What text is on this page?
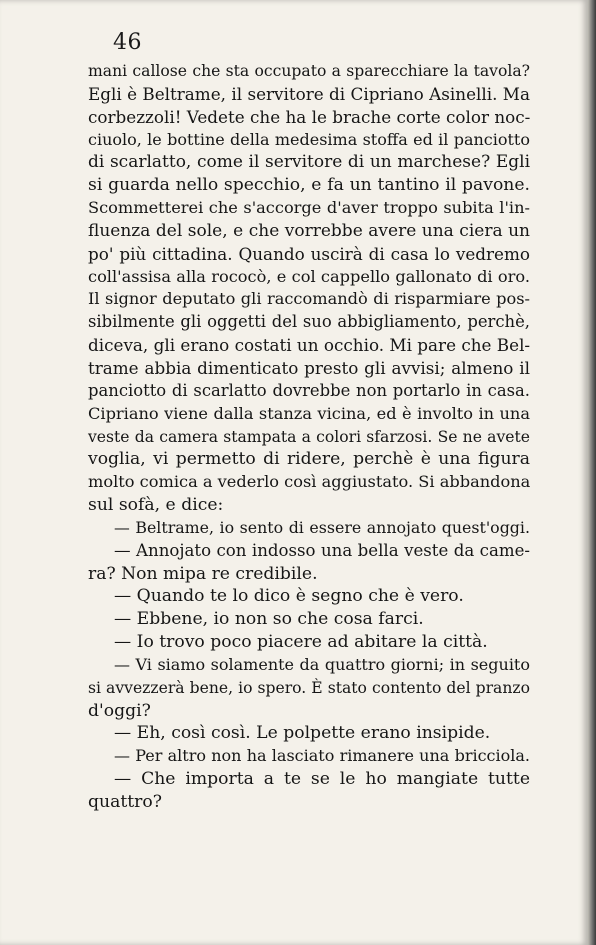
46
mani callose che sta occupato a sparecchiare la tavola?
Egli è Beltrame, il servitore di Cipriano Asinelli. Ma
corbezzoli! Vedete che ha le brache corte color noc-
ciuolo, le bottine della medesima stoffa ed il panciotto
di scarlatto, come il servitore di un marchese? Egli
si guarda nello specchio, e fa un tantino il pavone.
Scommetterei che s'accorge d'aver troppo subita l'in-
fluenza del sole, e che vorrebbe avere una ciera un
po' più cittadina. Quando uscirà di casa lo vedremo
coll'assisa alla rococò, e col cappello gallonato di oro.
Il signor deputato gli raccomandò di risparmiare pos-
sibilmente gli oggetti del suo abbigliamento, perchè,
diceva, gli erano costati un occhio. Mi pare che Bel-
trame abbia dimenticato presto gli avvisi; almeno il
panciotto di scarlatto dovrebbe non portarlo in casa.
Cipriano viene dalla stanza vicina, ed è involto in una
veste da camera stampata a colori sfarzosi. Se ne avete
voglia, vi permetto di ridere, perchè è una figura
molto comica a vederlo così aggiustato. Si abbandona
sul sofà, e dice:
— Beltrame, io sento di essere annojato quest'oggi.
— Annojato con indosso una bella veste da came-
ra? Non mipa re credibile.
— Quando te lo dico è segno che è vero.
— Ebbene, io non so che cosa farci.
— Io trovo poco piacere ad abitare la città.
— Vi siamo solamente da quattro giorni; in seguito
si avvezzerà bene, io spero. È stato contento del pranzo
d'oggi?
— Eh, così così. Le polpette erano insipide.
— Per altro non ha lasciato rimanere una bricciola.
— Che importa a te se le ho mangiate tutte
quattro?
